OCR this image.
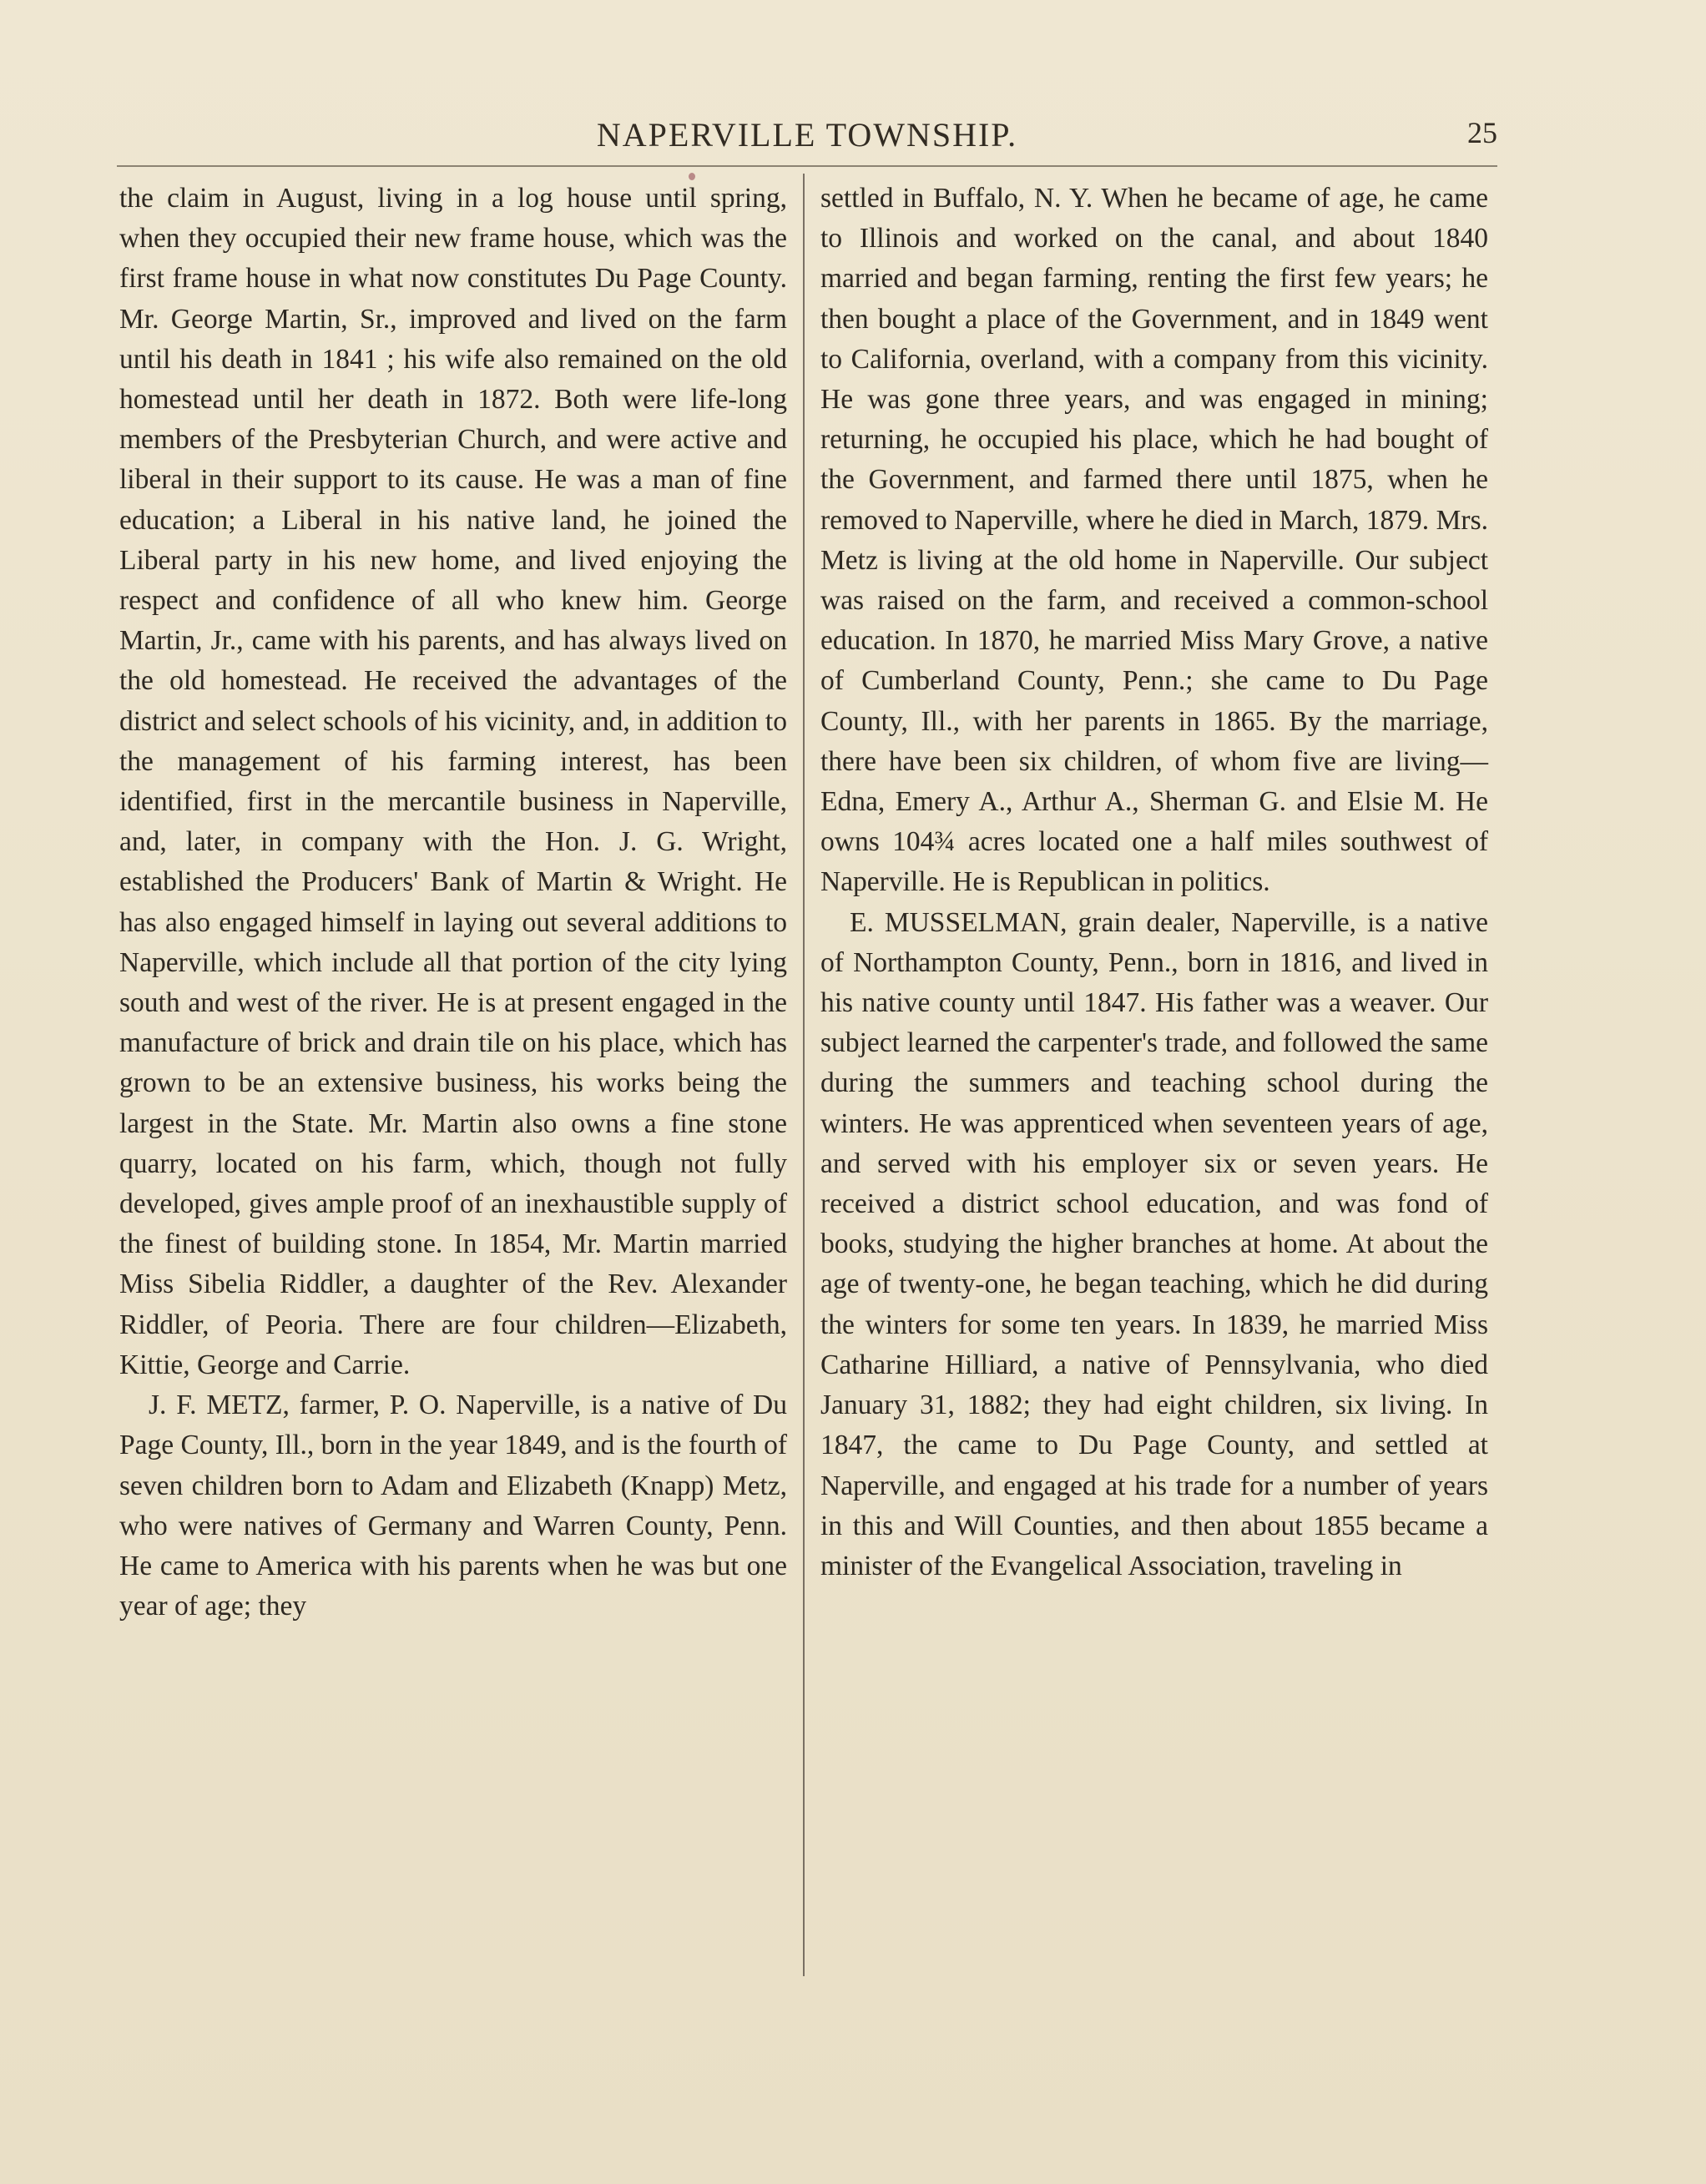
NAPERVILLE TOWNSHIP.	25

the claim in August, living in a log house until spring, when they occupied their new frame house, which was the first frame house in what now constitutes Du Page County. Mr. George Martin, Sr., improved and lived on the farm until his death in 1841 ; his wife also remained on the old homestead until her death in 1872. Both were life-long members of the Presbyterian Church, and were active and liberal in their support to its cause. He was a man of fine education; a Liberal in his native land, he joined the Liberal party in his new home, and lived enjoying the respect and confidence of all who knew him. George Martin, Jr., came with his parents, and has always lived on the old homestead. He received the advantages of the district and select schools of his vicinity, and, in addition to the management of his farming interest, has been identified, first in the mercantile business in Naperville, and, later, in company with the Hon. J. G. Wright, established the Producers' Bank of Martin & Wright. He has also engaged himself in laying out several additions to Naperville, which include all that portion of the city lying south and west of the river. He is at present engaged in the manufacture of brick and drain tile on his place, which has grown to be an extensive business, his works being the largest in the State. Mr. Martin also owns a fine stone quarry, located on his farm, which, though not fully developed, gives ample proof of an inexhaustible supply of the finest of building stone. In 1854, Mr. Martin married Miss Sibelia Riddler, a daughter of the Rev. Alexander Riddler, of Peoria. There are four children—Elizabeth, Kittie, George and Carrie.

J. F. METZ, farmer, P. O. Naperville, is a native of Du Page County, Ill., born in the year 1849, and is the fourth of seven children born to Adam and Elizabeth (Knapp) Metz, who were natives of Germany and Warren County, Penn. He came to America with his parents when he was but one year of age; they

settled in Buffalo, N. Y. When he became of age, he came to Illinois and worked on the canal, and about 1840 married and began farming, renting the first few years; he then bought a place of the Government, and in 1849 went to California, overland, with a company from this vicinity. He was gone three years, and was engaged in mining; returning, he occupied his place, which he had bought of the Government, and farmed there until 1875, when he removed to Naperville, where he died in March, 1879. Mrs. Metz is living at the old home in Naperville. Our subject was raised on the farm, and received a common-school education. In 1870, he married Miss Mary Grove, a native of Cumberland County, Penn.; she came to Du Page County, Ill., with her parents in 1865. By the marriage, there have been six children, of whom five are living—Edna, Emery A., Arthur A., Sherman G. and Elsie M. He owns 104¾ acres located one a half miles southwest of Naperville. He is Republican in politics.

E. MUSSELMAN, grain dealer, Naperville, is a native of Northampton County, Penn., born in 1816, and lived in his native county until 1847. His father was a weaver. Our subject learned the carpenter's trade, and followed the same during the summers and teaching school during the winters. He was apprenticed when seventeen years of age, and served with his employer six or seven years. He received a district school education, and was fond of books, studying the higher branches at home. At about the age of twenty-one, he began teaching, which he did during the winters for some ten years. In 1839, he married Miss Catharine Hilliard, a native of Pennsylvania, who died January 31, 1882; they had eight children, six living. In 1847, the came to Du Page County, and settled at Naperville, and engaged at his trade for a number of years in this and Will Counties, and then about 1855 became a minister of the Evangelical Association, traveling in
